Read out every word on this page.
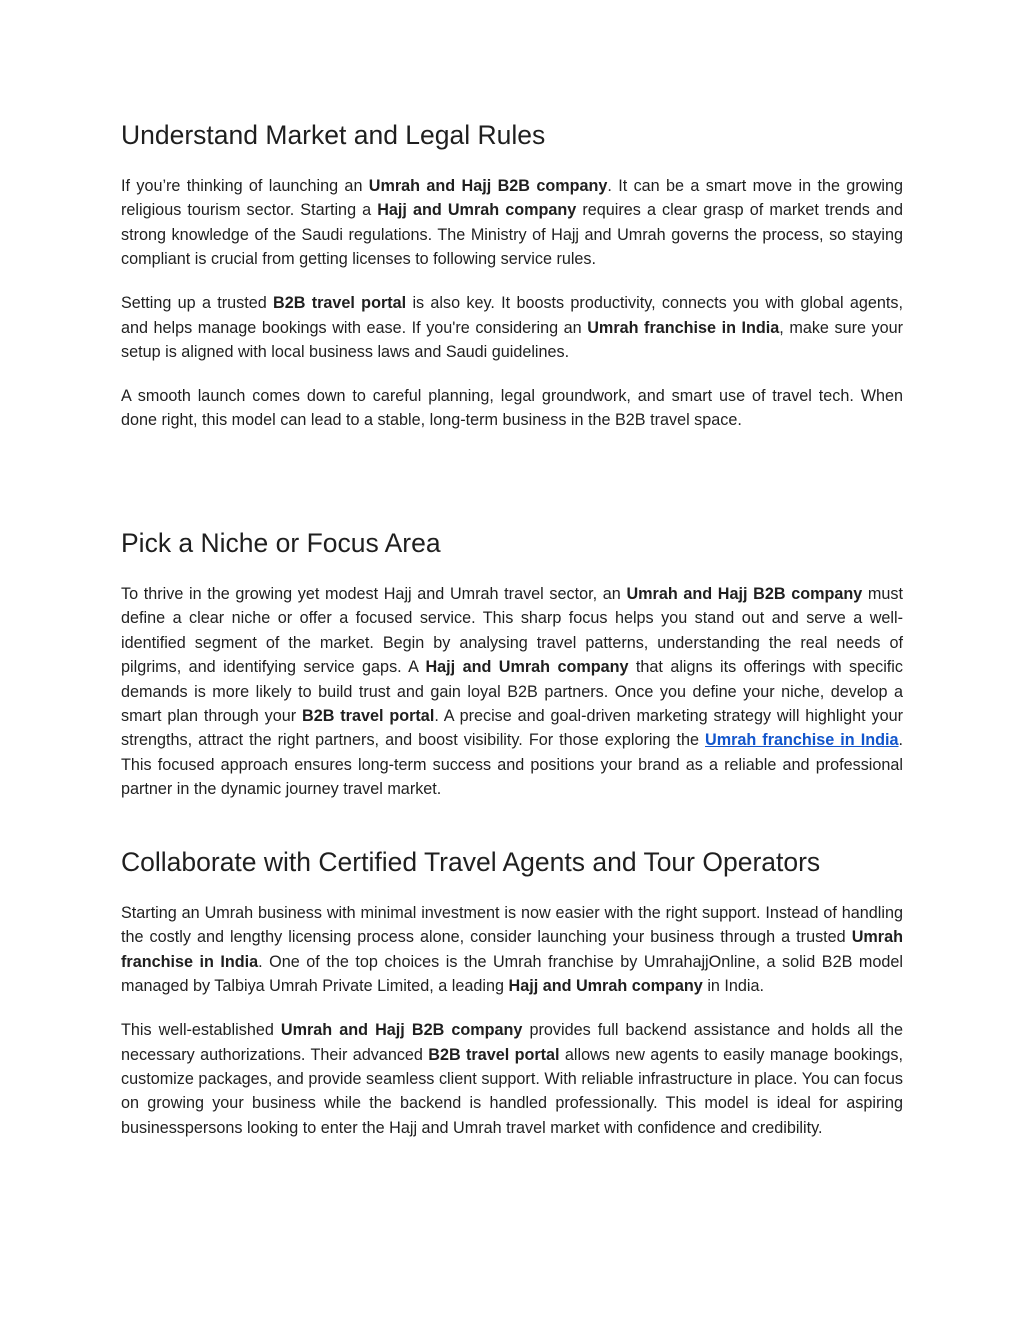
Understand Market and Legal Rules

If you’re thinking of launching an Umrah and Hajj B2B company. It can be a smart move in the growing religious tourism sector. Starting a Hajj and Umrah company requires a clear grasp of market trends and strong knowledge of the Saudi regulations. The Ministry of Hajj and Umrah governs the process, so staying compliant is crucial from getting licenses to following service rules.

Setting up a trusted B2B travel portal is also key. It boosts productivity, connects you with global agents, and helps manage bookings with ease. If you're considering an Umrah franchise in India, make sure your setup is aligned with local business laws and Saudi guidelines.

A smooth launch comes down to careful planning, legal groundwork, and smart use of travel tech. When done right, this model can lead to a stable, long-term business in the B2B travel space.

Pick a Niche or Focus Area

To thrive in the growing yet modest Hajj and Umrah travel sector, an Umrah and Hajj B2B company must define a clear niche or offer a focused service. This sharp focus helps you stand out and serve a well-identified segment of the market. Begin by analysing travel patterns, understanding the real needs of pilgrims, and identifying service gaps. A Hajj and Umrah company that aligns its offerings with specific demands is more likely to build trust and gain loyal B2B partners. Once you define your niche, develop a smart plan through your B2B travel portal. A precise and goal-driven marketing strategy will highlight your strengths, attract the right partners, and boost visibility. For those exploring the Umrah franchise in India. This focused approach ensures long-term success and positions your brand as a reliable and professional partner in the dynamic journey travel market.

Collaborate with Certified Travel Agents and Tour Operators

Starting an Umrah business with minimal investment is now easier with the right support. Instead of handling the costly and lengthy licensing process alone, consider launching your business through a trusted Umrah franchise in India. One of the top choices is the Umrah franchise by UmrahajjOnline, a solid B2B model managed by Talbiya Umrah Private Limited, a leading Hajj and Umrah company in India.

This well-established Umrah and Hajj B2B company provides full backend assistance and holds all the necessary authorizations. Their advanced B2B travel portal allows new agents to easily manage bookings, customize packages, and provide seamless client support. With reliable infrastructure in place. You can focus on growing your business while the backend is handled professionally. This model is ideal for aspiring businesspersons looking to enter the Hajj and Umrah travel market with confidence and credibility.
